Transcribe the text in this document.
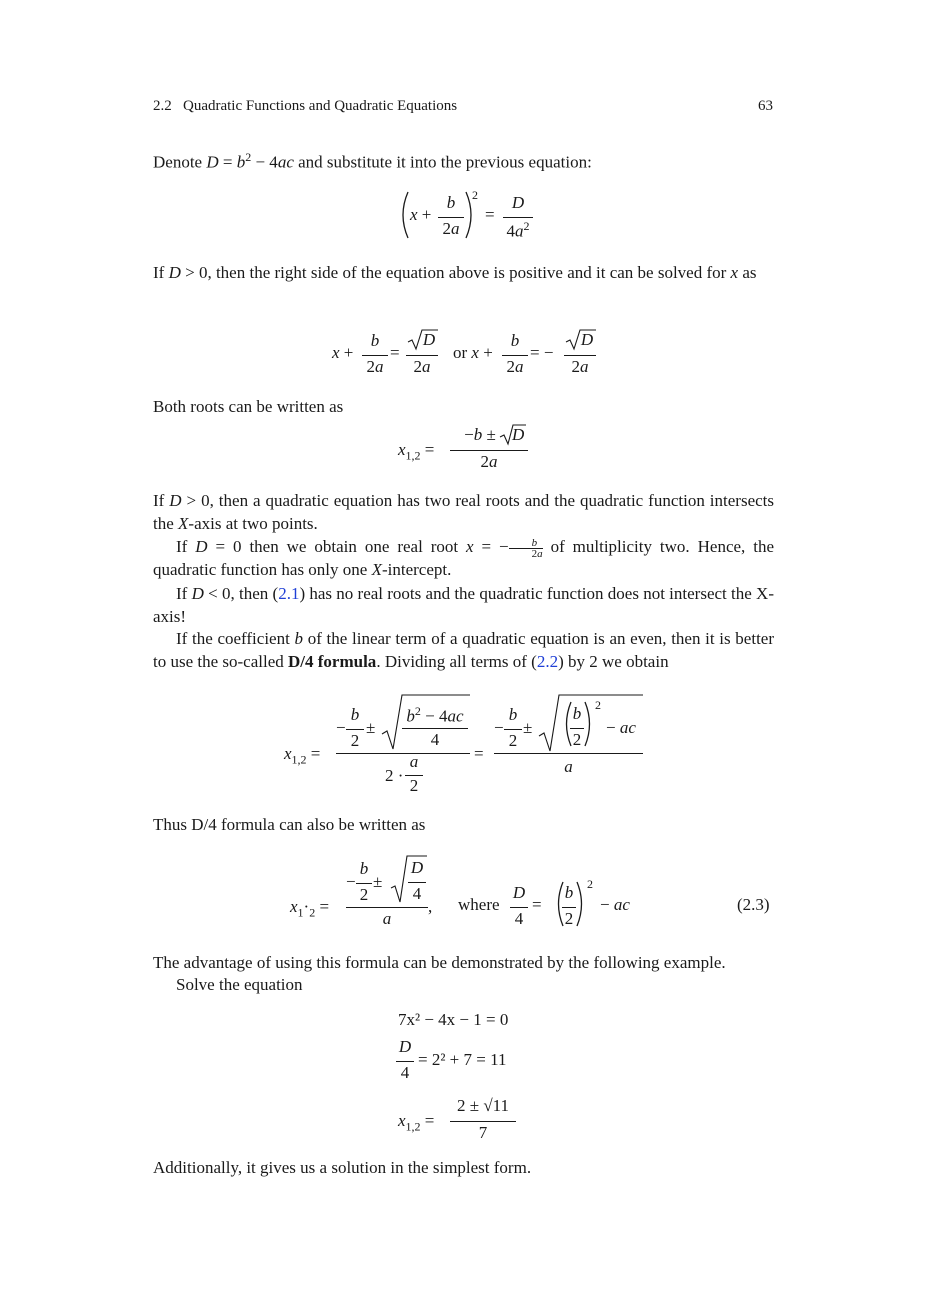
2.2 Quadratic Functions and Quadratic Equations	63
Denote $D = b^2 - 4ac$ and substitute it into the previous equation:
x +
b
2a
2
=
D
$4a^2$
If D > 0, then the right side of the equation above is positive and it can be solved for x as
x +
b
2a
=
D
2a
or x +
b
2a
= −
D
2a
Both roots can be written as
$x_{1,2}$ =
−b ± D
2a
If D > 0, then a quadratic equation has two real roots and the quadratic function intersects the X-axis at two points.
If D = 0 then we obtain one real root $x = -\frac{b}{2a}$ of multiplicity two. Hence, the quadratic function has only one X-intercept.
If D < 0, then (2.1) has no real roots and the quadratic function does not intersect the X-axis!
If the coefficient b of the linear term of a quadratic equation is an even, then it is better to use the so-called D/4 formula. Dividing all terms of (2.2) by 2 we obtain
$x_{1,2}$ =
−
b
2
±
$b^2 - 4ac$
4
2 ·
a
2
=
−
b
2
±
b
2
2
− ac
a
Thus D/4 formula can also be written as
$x_1\cdot_2$ =
−
b
2
±
D
4
a
, where
D
4
=
b
2
2
− ac	(2.3)
The advantage of using this formula can be demonstrated by the following example.
Solve the equation
7x² − 4x − 1 = 0
D
4
= 2² + 7 = 11
$x_{1,2}$ =
2 ± √11
7
Additionally, it gives us a solution in the simplest form.
